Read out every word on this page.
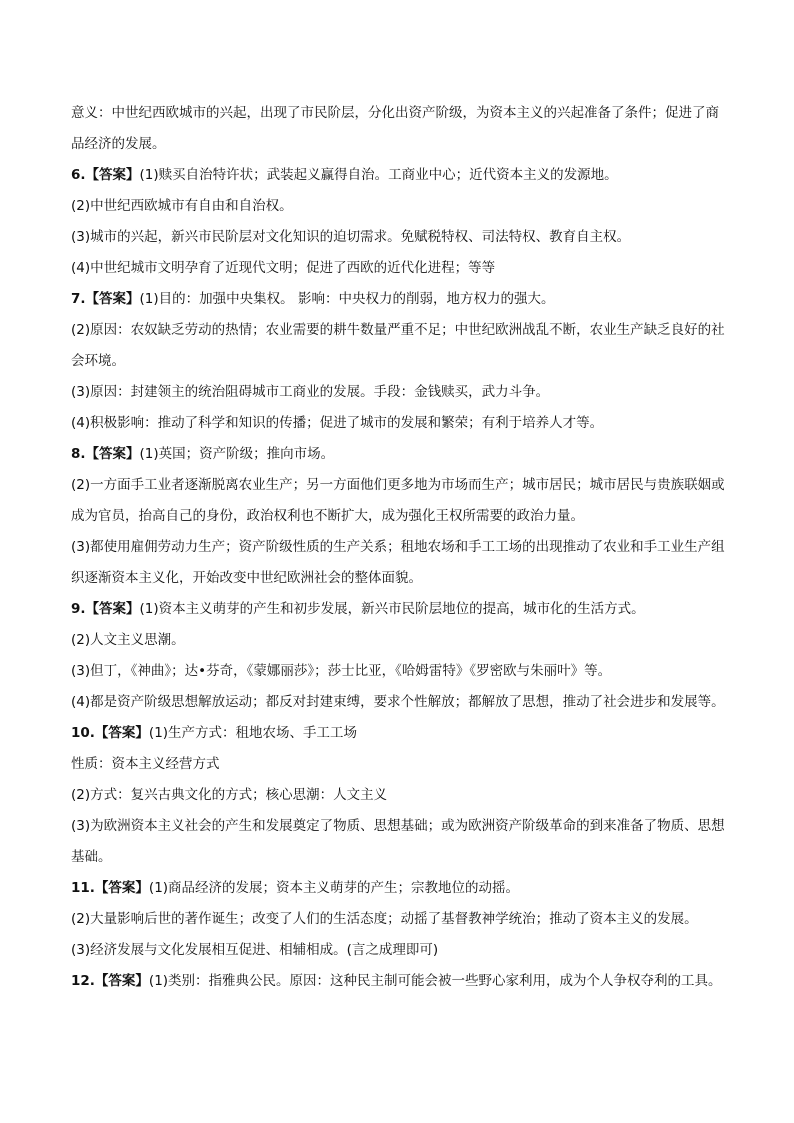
意义：中世纪西欧城市的兴起，出现了市民阶层，分化出资产阶级，为资本主义的兴起准备了条件；促进了商品经济的发展。

6.【答案】(1)赎买自治特许状；武装起义赢得自治。工商业中心；近代资本主义的发源地。

(2)中世纪西欧城市有自由和自治权。

(3)城市的兴起，新兴市民阶层对文化知识的迫切需求。免赋税特权、司法特权、教育自主权。

(4)中世纪城市文明孕育了近现代文明；促进了西欧的近代化进程；等等

7.【答案】(1)目的：加强中央集权。 影响：中央权力的削弱，地方权力的强大。

(2)原因：农奴缺乏劳动的热情；农业需要的耕牛数量严重不足；中世纪欧洲战乱不断，农业生产缺乏良好的社会环境。

(3)原因：封建领主的统治阻碍城市工商业的发展。手段：金钱赎买，武力斗争。

(4)积极影响：推动了科学和知识的传播；促进了城市的发展和繁荣；有利于培养人才等。

8.【答案】(1)英国；资产阶级；推向市场。

(2)一方面手工业者逐渐脱离农业生产；另一方面他们更多地为市场而生产；城市居民；城市居民与贵族联姻或成为官员，抬高自己的身份，政治权利也不断扩大，成为强化王权所需要的政治力量。

(3)都使用雇佣劳动力生产；资产阶级性质的生产关系；租地农场和手工工场的出现推动了农业和手工业生产组织逐渐资本主义化，开始改变中世纪欧洲社会的整体面貌。

9.【答案】(1)资本主义萌芽的产生和初步发展，新兴市民阶层地位的提高，城市化的生活方式。

(2)人文主义思潮。

(3)但丁，《神曲》；达•芬奇，《蒙娜丽莎》；莎士比亚，《哈姆雷特》《罗密欧与朱丽叶》等。

(4)都是资产阶级思想解放运动；都反对封建束缚，要求个性解放；都解放了思想，推动了社会进步和发展等。

10.【答案】(1)生产方式：租地农场、手工工场

性质：资本主义经营方式

(2)方式：复兴古典文化的方式；核心思潮：人文主义

(3)为欧洲资本主义社会的产生和发展奠定了物质、思想基础；或为欧洲资产阶级革命的到来准备了物质、思想基础。

11.【答案】(1)商品经济的发展；资本主义萌芽的产生；宗教地位的动摇。

(2)大量影响后世的著作诞生；改变了人们的生活态度；动摇了基督教神学统治；推动了资本主义的发展。

(3)经济发展与文化发展相互促进、相辅相成。(言之成理即可)

12.【答案】(1)类别：指雅典公民。原因：这种民主制可能会被一些野心家利用，成为个人争权夺利的工具。
